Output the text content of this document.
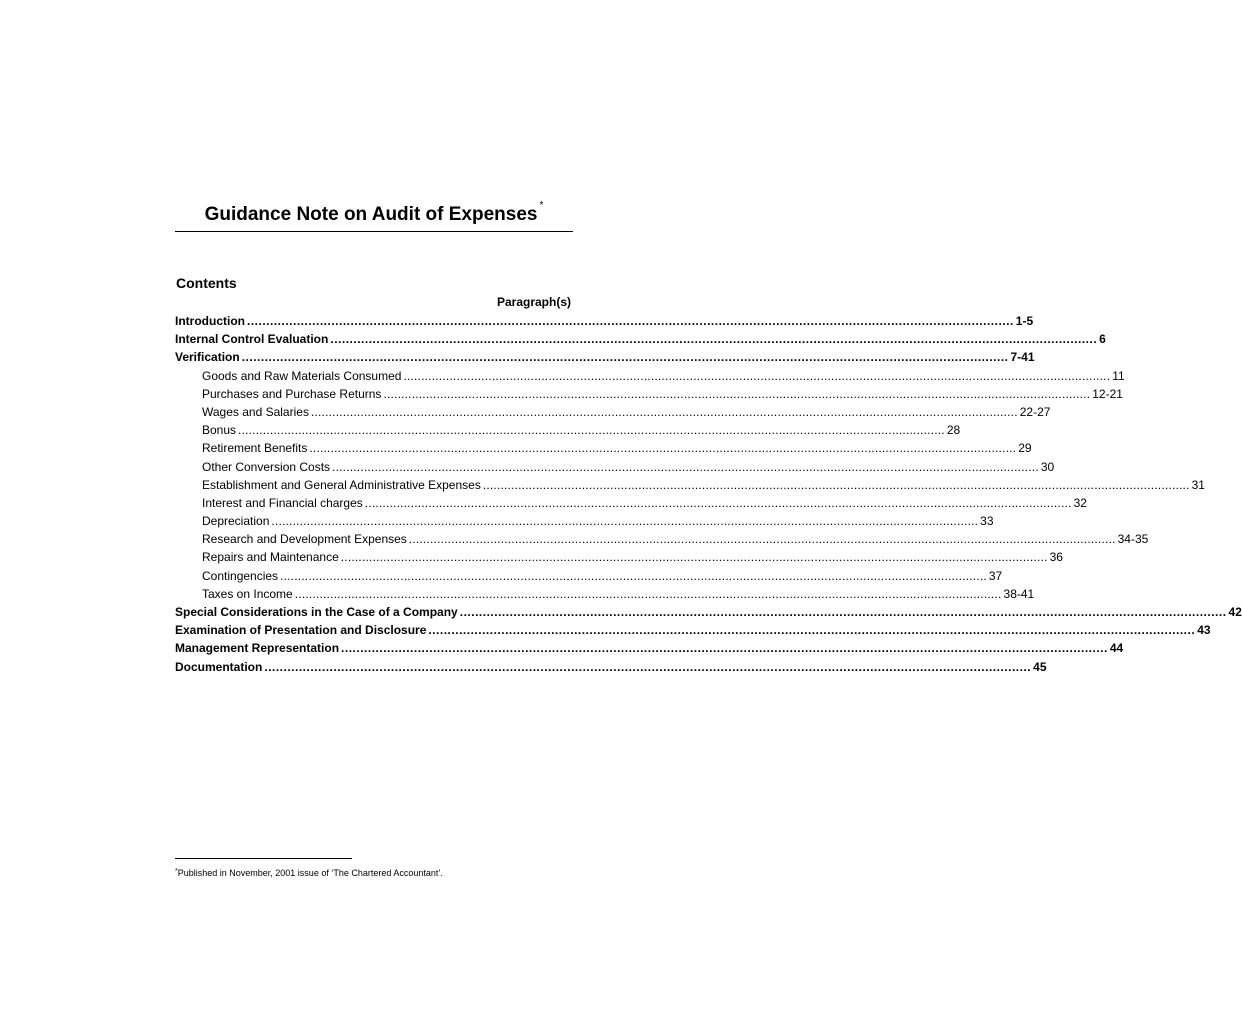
Guidance Note on Audit of Expenses *
Contents
Paragraph(s)
Introduction ........................................................................................................................................................................................................ 1-5
Internal Control Evaluation ........................................................................................................................................................................................................ 6
Verification ........................................................................................................................................................................................................ 7-41
Goods and Raw Materials Consumed ........................................................................................................................................................................................................ 11
Purchases and Purchase Returns ........................................................................................................................................................................................................ 12-21
Wages and Salaries ........................................................................................................................................................................................................ 22-27
Bonus ........................................................................................................................................................................................................ 28
Retirement Benefits ........................................................................................................................................................................................................ 29
Other Conversion Costs ........................................................................................................................................................................................................ 30
Establishment and General Administrative Expenses ........................................................................................................................................................................................................ 31
Interest and Financial charges ........................................................................................................................................................................................................ 32
Depreciation ........................................................................................................................................................................................................ 33
Research and Development Expenses ........................................................................................................................................................................................................ 34-35
Repairs and Maintenance ........................................................................................................................................................................................................ 36
Contingencies ........................................................................................................................................................................................................ 37
Taxes on Income ........................................................................................................................................................................................................ 38-41
Special Considerations in the Case of a Company ........................................................................................................................................................................................................ 42
Examination of Presentation and Disclosure ........................................................................................................................................................................................................ 43
Management Representation ........................................................................................................................................................................................................ 44
Documentation ........................................................................................................................................................................................................ 45
*Published in November, 2001 issue of ‘The Chartered Accountant’.
